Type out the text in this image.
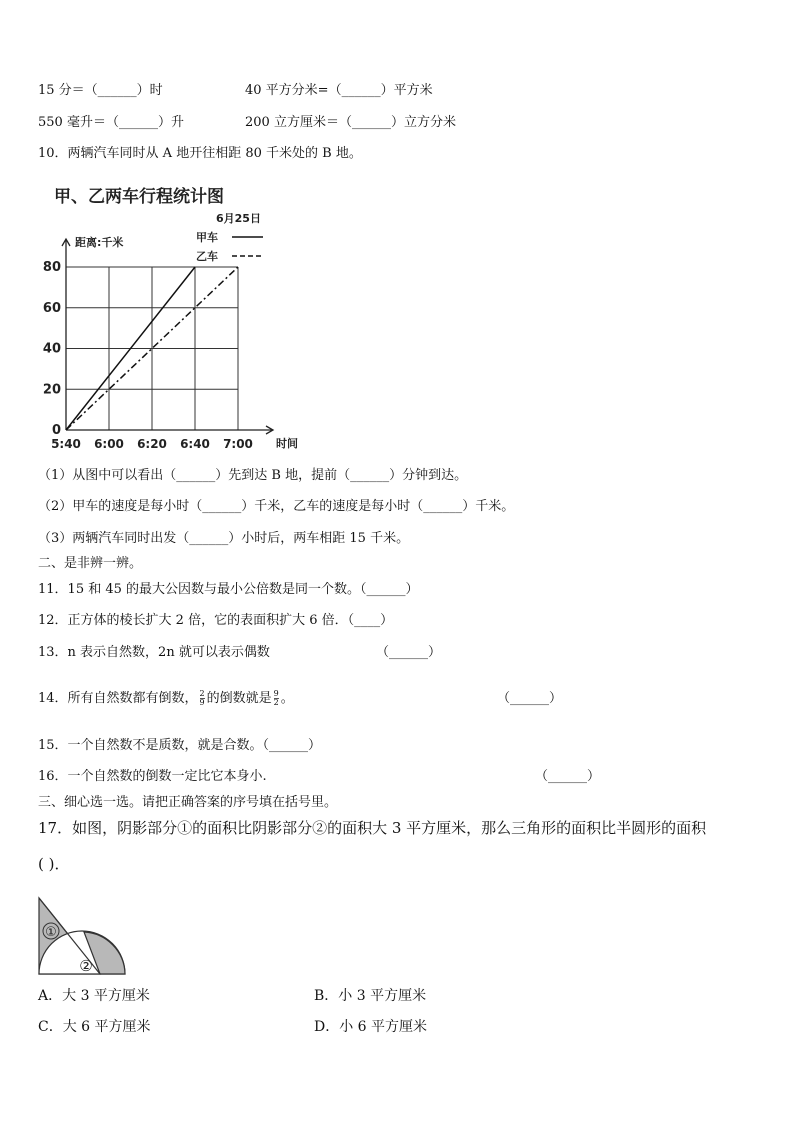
15 分＝（______）时	40 平方分米=（______）平方米
550 毫升＝（______）升	200 立方厘米＝（______）立方分米
10．两辆汽车同时从 A 地开往相距 80 千米处的 B 地。
甲、乙两车行程统计图
6月25日
距离:千米
时间
0
20
40
60
80
5:40 6:00 6:20 6:40 7:00
甲车
乙车
（1）从图中可以看出（______）先到达 B 地，提前（______）分钟到达。
（2）甲车的速度是每小时（______）千米，乙车的速度是每小时（______）千米。
（3）两辆汽车同时出发（______）小时后，两车相距 15 千米。
二、是非辨一辨。
11．15 和 45 的最大公因数与最小公倍数是同一个数。（______）
12．正方体的棱长扩大 2 倍，它的表面积扩大 6 倍．（____）
13．n 表示自然数，2n 就可以表示偶数	（______）
14．所有自然数都有倒数， $\frac{2}{9}$ 的倒数就是 $\frac{9}{2}$ 。	（______）
15．一个自然数不是质数，就是合数。（______）
16．一个自然数的倒数一定比它本身小.	（______）
三、细心选一选。请把正确答案的序号填在括号里。
17．如图，阴影部分①的面积比阴影部分②的面积大 3 平方厘米，那么三角形的面积比半圆形的面积
( )．
①
②
A．大 3 平方厘米	B．小 3 平方厘米
C．大 6 平方厘米	D．小 6 平方厘米
